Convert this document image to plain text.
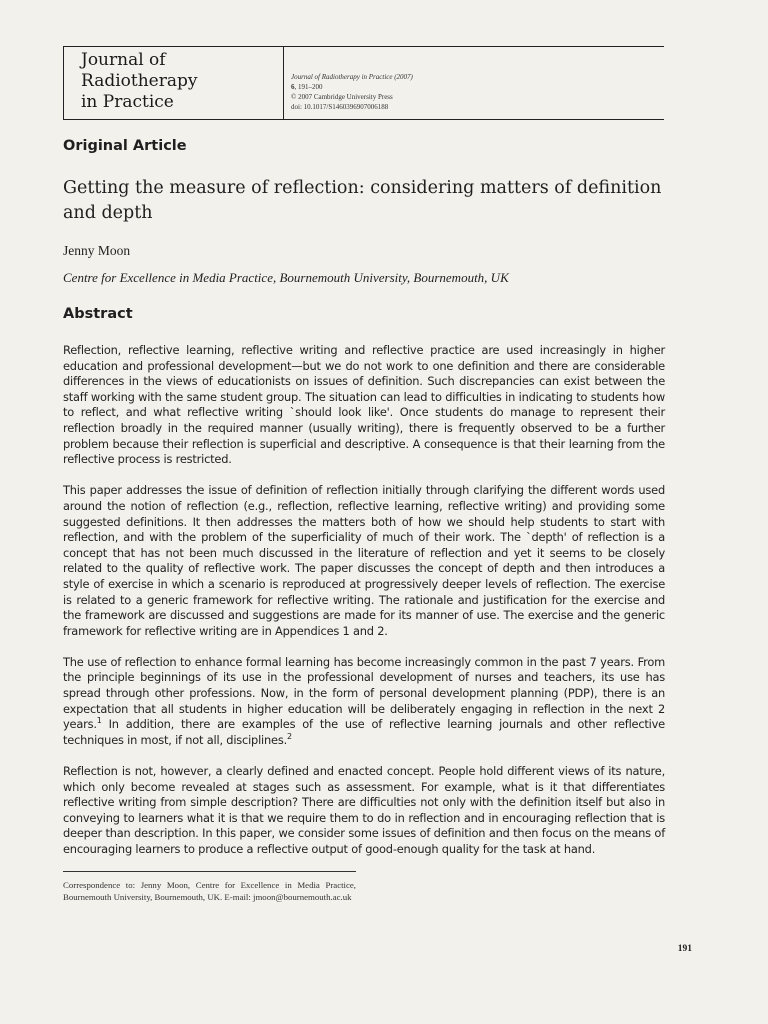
Journal of
Radiotherapy
in Practice
Journal of Radiotherapy in Practice (2007)
6, 191–200
© 2007 Cambridge University Press
doi: 10.1017/S1460396907006188
Original Article
Getting the measure of reflection: considering matters of definition and depth
Jenny Moon
Centre for Excellence in Media Practice, Bournemouth University, Bournemouth, UK
Abstract

Reflection, reflective learning, reflective writing and reflective practice are used increasingly in higher education and professional development—but we do not work to one definition and there are considerable differences in the views of educationists on issues of definition. Such discrepancies can exist between the staff working with the same student group. The situation can lead to difficulties in indicating to students how to reflect, and what reflective writing `should look like'. Once students do manage to represent their reflection broadly in the required manner (usually writing), there is frequently observed to be a further problem because their reflection is superficial and descriptive. A consequence is that their learning from the reflective process is restricted.

This paper addresses the issue of definition of reflection initially through clarifying the different words used around the notion of reflection (e.g., reflection, reflective learning, reflective writing) and providing some suggested definitions. It then addresses the matters both of how we should help students to start with reflection, and with the problem of the superficiality of much of their work. The `depth' of reflection is a concept that has not been much discussed in the literature of reflection and yet it seems to be closely related to the quality of reflective work. The paper discusses the concept of depth and then introduces a style of exercise in which a scenario is reproduced at progressively deeper levels of reflection. The exercise is related to a generic framework for reflective writing. The rationale and justification for the exercise and the framework are discussed and suggestions are made for its manner of use. The exercise and the generic framework for reflective writing are in Appendices 1 and 2.

The use of reflection to enhance formal learning has become increasingly common in the past 7 years. From the principle beginnings of its use in the professional development of nurses and teachers, its use has spread through other professions. Now, in the form of personal development planning (PDP), there is an expectation that all students in higher education will be deliberately engaging in reflection in the next 2 years.$^1$ In addition, there are examples of the use of reflective learning journals and other reflective techniques in most, if not all, disciplines.$^2$

Reflection is not, however, a clearly defined and enacted concept. People hold different views of its nature, which only become revealed at stages such as assessment. For example, what is it that differentiates reflective writing from simple description? There are difficulties not only with the definition itself but also in conveying to learners what it is that we require them to do in reflection and in encouraging reflection that is deeper than description. In this paper, we consider some issues of definition and then focus on the means of encouraging learners to produce a reflective output of good-enough quality for the task at hand.

Correspondence to: Jenny Moon, Centre for Excellence in Media Practice, Bournemouth University, Bournemouth, UK. E-mail: jmoon@bournemouth.ac.uk
191
